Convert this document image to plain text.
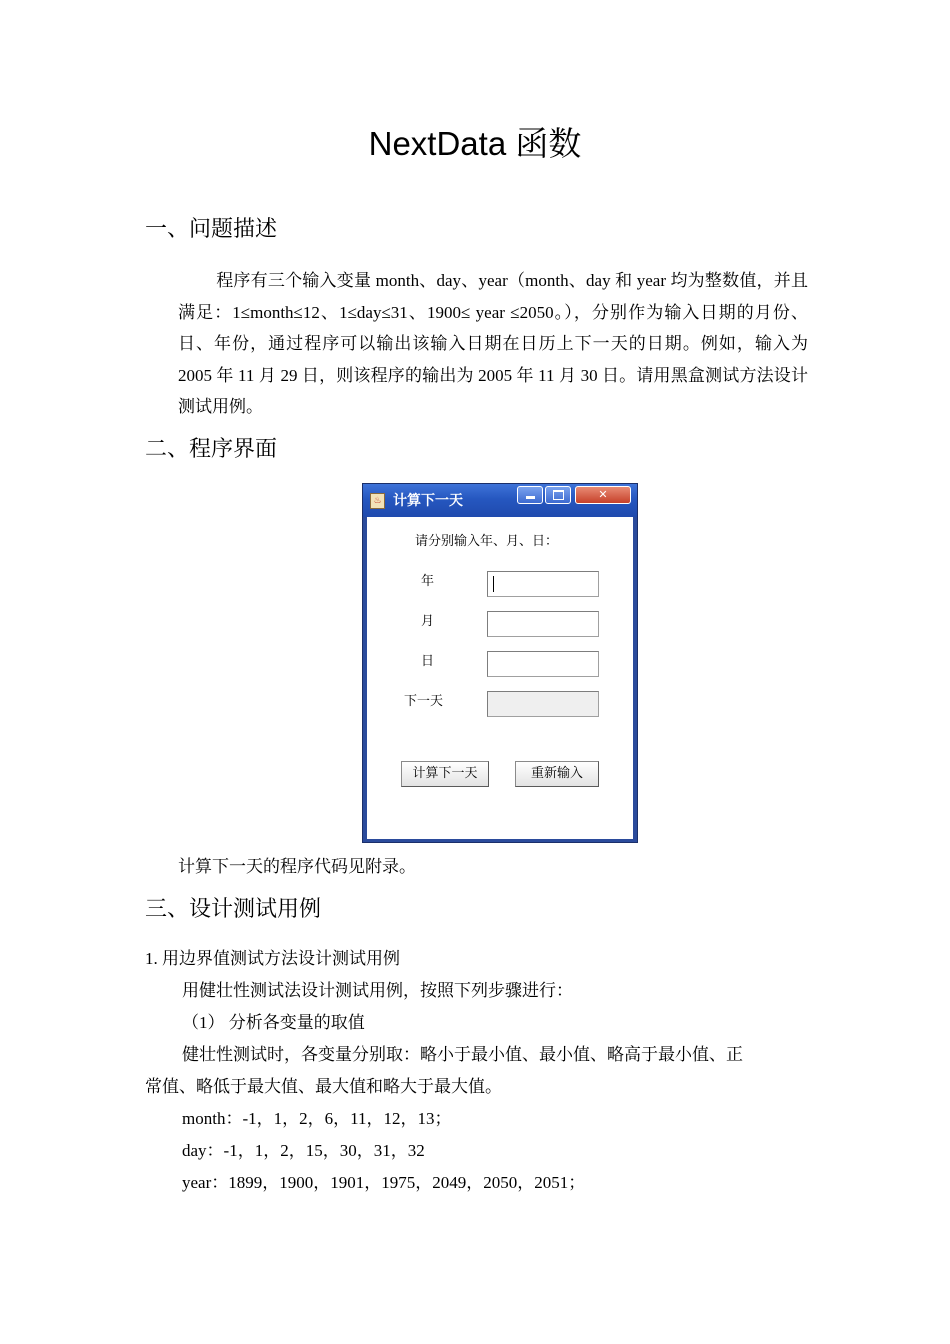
NextData 函数
一、问题描述
程序有三个输入变量 month、day、year（month、day 和 year 均为整数值，并且满足：1≤month≤12、1≤day≤31、1900≤ year ≤2050。），分别作为输入日期的月份、日、年份，通过程序可以输出该输入日期在日历上下一天的日期。例如，输入为 2005 年 11 月 29 日，则该程序的输出为 2005 年 11 月 30 日。请用黑盒测试方法设计测试用例。
二、程序界面
♨ 计算下一天	✕
请分别输入年、月、日：
年
月
日
下一天
计算下一天	重新输入
计算下一天的程序代码见附录。
三、设计测试用例
1. 用边界值测试方法设计测试用例
用健壮性测试法设计测试用例，按照下列步骤进行：
（1） 分析各变量的取值
健壮性测试时，各变量分别取：略小于最小值、最小值、略高于最小值、正
常值、略低于最大值、最大值和略大于最大值。
month：-1，1，2，6，11，12，13；
day：-1，1，2，15，30，31，32
year：1899，1900，1901，1975，2049，2050，2051；
